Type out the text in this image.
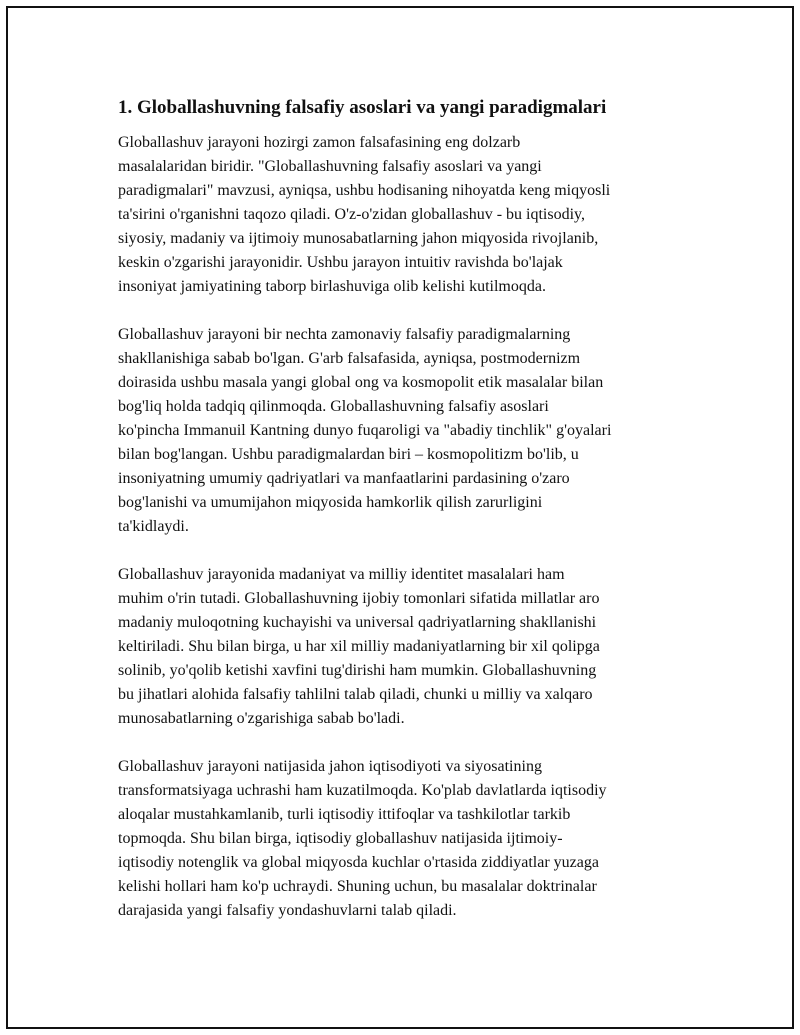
1. Globallashuvning falsafiy asoslari va yangi paradigmalari

Globallashuv jarayoni hozirgi zamon falsafasining eng dolzarb
masalalaridan biridir. "Globallashuvning falsafiy asoslari va yangi
paradigmalari" mavzusi, ayniqsa, ushbu hodisaning nihoyatda keng miqyosli
ta'sirini o'rganishni taqozo qiladi. O'z-o'zidan globallashuv - bu iqtisodiy,
siyosiy, madaniy va ijtimoiy munosabatlarning jahon miqyosida rivojlanib,
keskin o'zgarishi jarayonidir. Ushbu jarayon intuitiv ravishda bo'lajak
insoniyat jamiyatining taborp birlashuviga olib kelishi kutilmoqda.

Globallashuv jarayoni bir nechta zamonaviy falsafiy paradigmalarning
shakllanishiga sabab bo'lgan. G'arb falsafasida, ayniqsa, postmodernizm
doirasida ushbu masala yangi global ong va kosmopolit etik masalalar bilan
bog'liq holda tadqiq qilinmoqda. Globallashuvning falsafiy asoslari
ko'pincha Immanuil Kantning dunyo fuqaroligi va "abadiy tinchlik" g'oyalari
bilan bog'langan. Ushbu paradigmalardan biri – kosmopolitizm bo'lib, u
insoniyatning umumiy qadriyatlari va manfaatlarini pardasining o'zaro
bog'lanishi va umumijahon miqyosida hamkorlik qilish zarurligini
ta'kidlaydi.

Globallashuv jarayonida madaniyat va milliy identitet masalalari ham
muhim o'rin tutadi. Globallashuvning ijobiy tomonlari sifatida millatlar aro
madaniy muloqotning kuchayishi va universal qadriyatlarning shakllanishi
keltiriladi. Shu bilan birga, u har xil milliy madaniyatlarning bir xil qolipga
solinib, yo'qolib ketishi xavfini tug'dirishi ham mumkin. Globallashuvning
bu jihatlari alohida falsafiy tahlilni talab qiladi, chunki u milliy va xalqaro
munosabatlarning o'zgarishiga sabab bo'ladi.

Globallashuv jarayoni natijasida jahon iqtisodiyoti va siyosatining
transformatsiyaga uchrashi ham kuzatilmoqda. Ko'plab davlatlarda iqtisodiy
aloqalar mustahkamlanib, turli iqtisodiy ittifoqlar va tashkilotlar tarkib
topmoqda. Shu bilan birga, iqtisodiy globallashuv natijasida ijtimoiy-
iqtisodiy notenglik va global miqyosda kuchlar o'rtasida ziddiyatlar yuzaga
kelishi hollari ham ko'p uchraydi. Shuning uchun, bu masalalar doktrinalar
darajasida yangi falsafiy yondashuvlarni talab qiladi.
